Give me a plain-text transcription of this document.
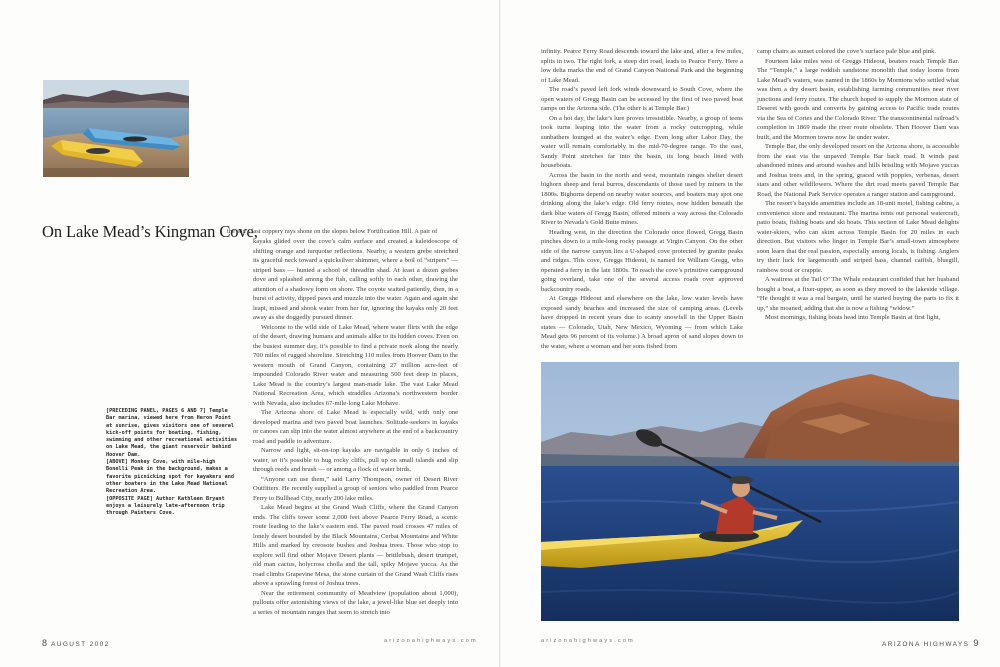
On Lake Mead’s Kingman Cove,
the sun’s last coppery rays shone on the slopes below Fortification Hill. A pair of

kayaks glided over the cove’s calm surface and created a kaleidoscope of shifting orange and turquoise reflections. Nearby, a western grebe stretched its graceful neck toward a quicksilver shimmer, where a boil of “stripers” — striped bass — hunted a school of threadfin shad. At least a dozen grebes dove and splashed among the fish, calling softly to each other, drawing the attention of a shadowy form on shore. The coyote waited patiently, then, in a burst of activity, dipped paws and muzzle into the water. Again and again she leapt, missed and shook water from her fur, ignoring the kayaks only 20 feet away as she doggedly pursued dinner.

Welcome to the wild side of Lake Mead, where water flirts with the edge of the desert, drawing humans and animals alike to its hidden coves. Even on the busiest summer day, it’s possible to find a private nook along the nearly 700 miles of rugged shoreline. Stretching 110 miles from Hoover Dam to the western mouth of Grand Canyon, containing 27 million acre-feet of impounded Colorado River water and measuring 500 feet deep in places, Lake Mead is the country’s largest man-made lake. The vast Lake Mead National Recreation Area, which straddles Arizona’s northwestern border with Nevada, also includes 67-mile-long Lake Mohave.

The Arizona shore of Lake Mead is especially wild, with only one developed marina and two paved boat launches. Solitude-seekers in kayaks or canoes can slip into the water almost anywhere at the end of a backcountry road and paddle to adventure.

Narrow and light, sit-on-top kayaks are navigable in only 6 inches of water, so it’s possible to hug rocky cliffs, pull up on small islands and slip through reeds and brush — or among a flock of water birds.

“Anyone can use them,” said Larry Thompson, owner of Desert River Outfitters. He recently supplied a group of seniors who paddled from Pearce Ferry to Bullhead City, nearly 200 lake miles.

Lake Mead begins at the Grand Wash Cliffs, where the Grand Canyon ends. The cliffs tower some 2,000 feet above Pearce Ferry Road, a scenic route leading to the lake’s eastern end. The paved road crosses 47 miles of lonely desert bounded by the Black Mountains, Cerbat Mountains and White Hills and marked by creosote bushes and Joshua trees. Those who stop to explore will find other Mojave Desert plants — brittlebush, desert trumpet, old man cactus, holycross cholla and the tall, spiky Mojave yucca. As the road climbs Grapevine Mesa, the stone curtain of the Grand Wash Cliffs rises above a sprawling forest of Joshua trees.

Near the retirement community of Meadview (population about 1,000), pullouts offer astonishing views of the lake, a jewel-like blue set deeply into a series of mountain ranges that seem to stretch into

[PRECEDING PANEL, PAGES 6 AND 7] Temple Bar marina, viewed here from Heron Point at sunrise, gives visitors one of several kick-off points for boating, fishing, swimming and other recreational activities on Lake Mead, the giant reservoir behind Hoover Dam.

[ABOVE] Monkey Cove, with mile-high Bonelli Peak in the background, makes a favorite picnicking spot for kayakers and other boaters in the Lake Mead National Recreation Area.

[OPPOSITE PAGE] Author Kathleen Bryant enjoys a leisurely late-afternoon trip through Painters Cove.

infinity. Pearce Ferry Road descends toward the lake and, after a few miles, splits in two. The right fork, a steep dirt road, leads to Pearce Ferry. Here a low delta marks the end of Grand Canyon National Park and the beginning of Lake Mead.

The road’s paved left fork winds downward to South Cove, where the open waters of Gregg Basin can be accessed by the first of two paved boat ramps on the Arizona side. (The other is at Temple Bar.)

On a hot day, the lake’s lure proves irresistible. Nearby, a group of teens took turns leaping into the water from a rocky outcropping, while sunbathers lounged at the water’s edge. Even long after Labor Day, the water will remain comfortably in the mid-70-degree range. To the east, Sandy Point stretches far into the basin, its long beach lined with houseboats.

Across the basin to the north and west, mountain ranges shelter desert bighorn sheep and feral burros, descendants of those used by miners in the 1800s. Bighorns depend on nearby water sources, and boaters may spot one drinking along the lake’s edge. Old ferry routes, now hidden beneath the dark blue waters of Gregg Basin, offered miners a way across the Colorado River to Nevada’s Gold Butte mines.

Heading west, in the direction the Colorado once flowed, Gregg Basin pinches down to a mile-long rocky passage at Virgin Canyon. On the other side of the narrow canyon lies a U-shaped cove protected by granite peaks and ridges. This cove, Greggs Hideout, is named for William Gregg, who operated a ferry in the late 1800s. To reach the cove’s primitive campground going overland, take one of the several access roads over approved backcountry roads.

At Greggs Hideout and elsewhere on the lake, low water levels have exposed sandy beaches and increased the size of camping areas. (Levels have dropped in recent years due to scanty snowfall in the Upper Basin states — Colorado, Utah, New Mexico, Wyoming — from which Lake Mead gets 96 percent of its volume.) A broad apron of sand slopes down to the water, where a woman and her sons fished from

camp chairs as sunset colored the cove’s surface pale blue and pink.

Fourteen lake miles west of Greggs Hideout, boaters reach Temple Bar. The “Temple,” a large reddish sandstone monolith that today looms from Lake Mead’s waters, was named in the 1860s by Mormons who settled what was then a dry desert basin, establishing farming communities near river junctions and ferry routes. The church hoped to supply the Mormon state of Deseret with goods and converts by gaining access to Pacific trade routes via the Sea of Cortes and the Colorado River. The transcontinental railroad’s completion in 1869 made the river route obsolete. Then Hoover Dam was built, and the Mormon towns now lie under water.

Temple Bar, the only developed resort on the Arizona shore, is accessible from the east via the unpaved Temple Bar back road. It winds past abandoned mines and around washes and hills bristling with Mojave yuccas and Joshua trees and, in the spring, graced with poppies, verbenas, desert stars and other wildflowers. Where the dirt road meets paved Temple Bar Road, the National Park Service operates a ranger station and campground.

The resort’s bayside amenities include an 18-unit motel, fishing cabins, a convenience store and restaurant. The marina rents out personal watercraft, patio boats, fishing boats and ski boats. This section of Lake Mead delights water-skiers, who can skim across Temple Basin for 20 miles in each direction. But visitors who linger in Temple Bar’s small-town atmosphere soon learn that the real passion, especially among locals, is fishing. Anglers try their luck for largemouth and striped bass, channel catfish, bluegill, rainbow trout or crappie.

A waitress at the Tail O’ The Whale restaurant confided that her husband bought a boat, a fixer-upper, as soon as they moved to the lakeside village. “He thought it was a real bargain, until he started buying the parts to fix it up,” she moaned, adding that she is now a fishing “widow.”

Most mornings, fishing boats head into Temple Basin at first light,

8 AUGUST 2002	arizonahighways.com	arizonahighways.com	ARIZONA HIGHWAYS 9
